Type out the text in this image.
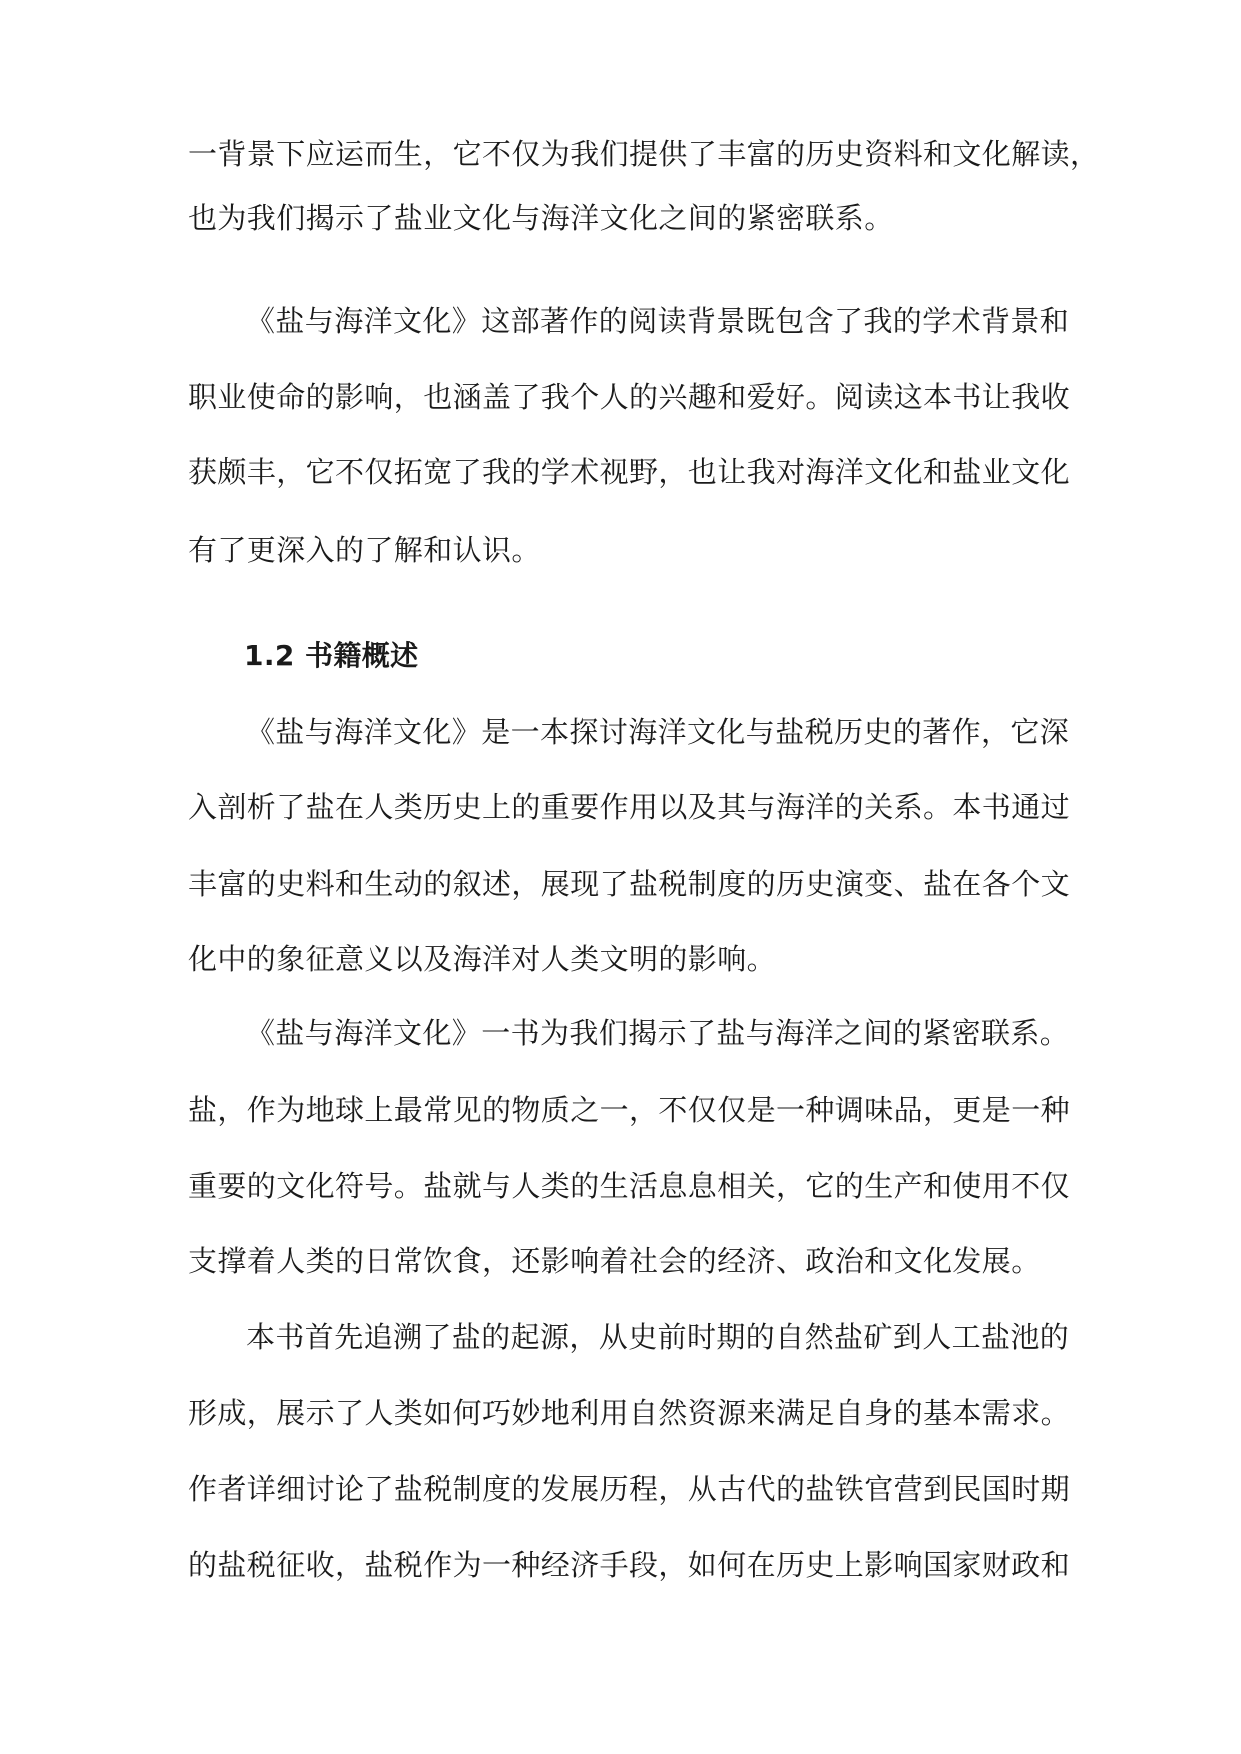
一背景下应运而生，它不仅为我们提供了丰富的历史资料和文化解读，
也为我们揭示了盐业文化与海洋文化之间的紧密联系。
《盐与海洋文化》这部著作的阅读背景既包含了我的学术背景和
职业使命的影响，也涵盖了我个人的兴趣和爱好。阅读这本书让我收
获颇丰，它不仅拓宽了我的学术视野，也让我对海洋文化和盐业文化
有了更深入的了解和认识。
1.2 书籍概述
《盐与海洋文化》是一本探讨海洋文化与盐税历史的著作，它深
入剖析了盐在人类历史上的重要作用以及其与海洋的关系。本书通过
丰富的史料和生动的叙述，展现了盐税制度的历史演变、盐在各个文
化中的象征意义以及海洋对人类文明的影响。
《盐与海洋文化》一书为我们揭示了盐与海洋之间的紧密联系。
盐，作为地球上最常见的物质之一，不仅仅是一种调味品，更是一种
重要的文化符号。盐就与人类的生活息息相关，它的生产和使用不仅
支撑着人类的日常饮食，还影响着社会的经济、政治和文化发展。
本书首先追溯了盐的起源，从史前时期的自然盐矿到人工盐池的
形成，展示了人类如何巧妙地利用自然资源来满足自身的基本需求。
作者详细讨论了盐税制度的发展历程，从古代的盐铁官营到民国时期
的盐税征收，盐税作为一种经济手段，如何在历史上影响国家财政和
